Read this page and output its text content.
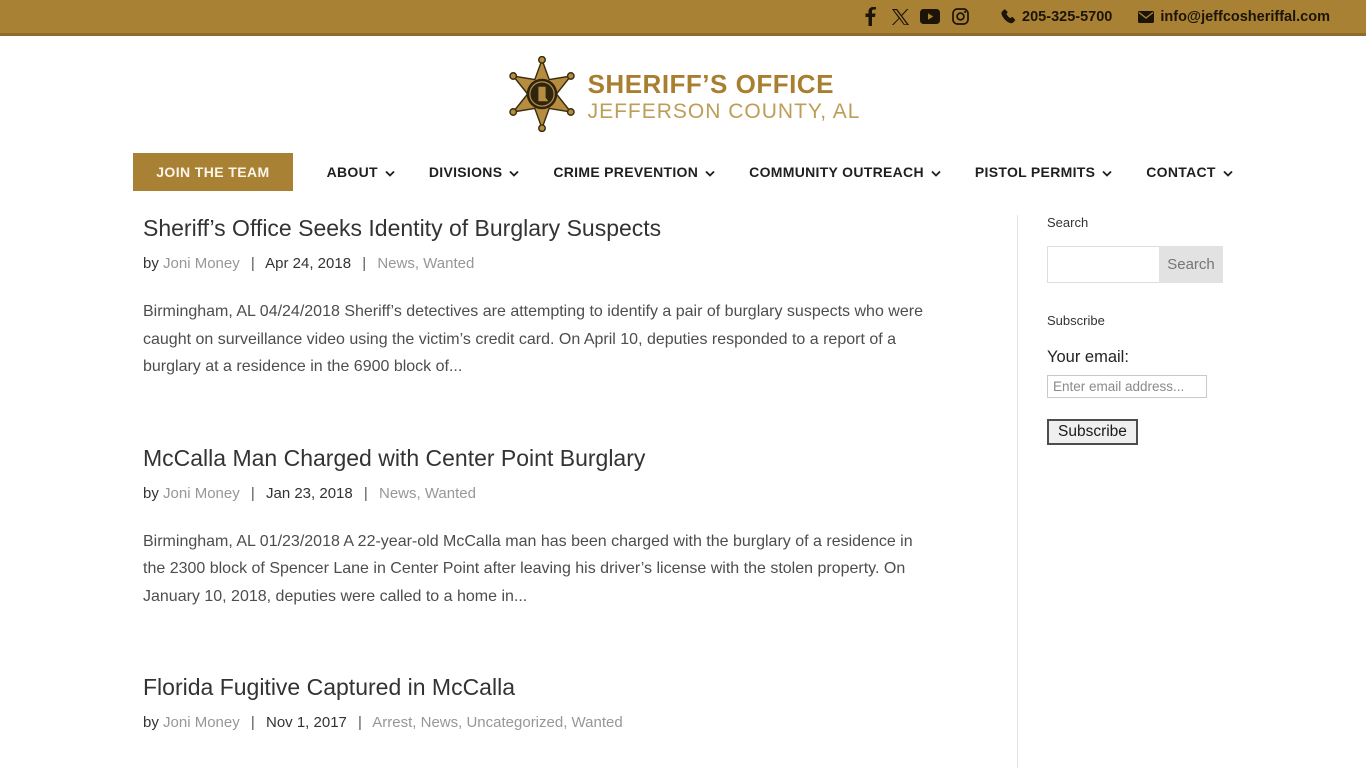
205-325-5700	info@jeffcosheriffal.com
SHERIFF’S OFFICE
JEFFERSON COUNTY, AL
JOIN THE TEAM	ABOUT	DIVISIONS	CRIME PREVENTION	COMMUNITY OUTREACH	PISTOL PERMITS	CONTACT
Sheriff’s Office Seeks Identity of Burglary Suspects

by Joni Money | Apr 24, 2018 | News, Wanted

Birmingham, AL 04/24/2018 Sheriff’s detectives are attempting to identify a pair of burglary suspects who were caught on surveillance video using the victim’s credit card. On April 10, deputies responded to a report of a burglary at a residence in the 6900 block of...

McCalla Man Charged with Center Point Burglary

by Joni Money | Jan 23, 2018 | News, Wanted

Birmingham, AL 01/23/2018 A 22-year-old McCalla man has been charged with the burglary of a residence in the 2300 block of Spencer Lane in Center Point after leaving his driver’s license with the stolen property. On January 10, 2018, deputies were called to a home in...

Florida Fugitive Captured in McCalla

by Joni Money | Nov 1, 2017 | Arrest, News, Uncategorized, Wanted

Search
Search
Subscribe
Your email:
Enter email address...
Subscribe
